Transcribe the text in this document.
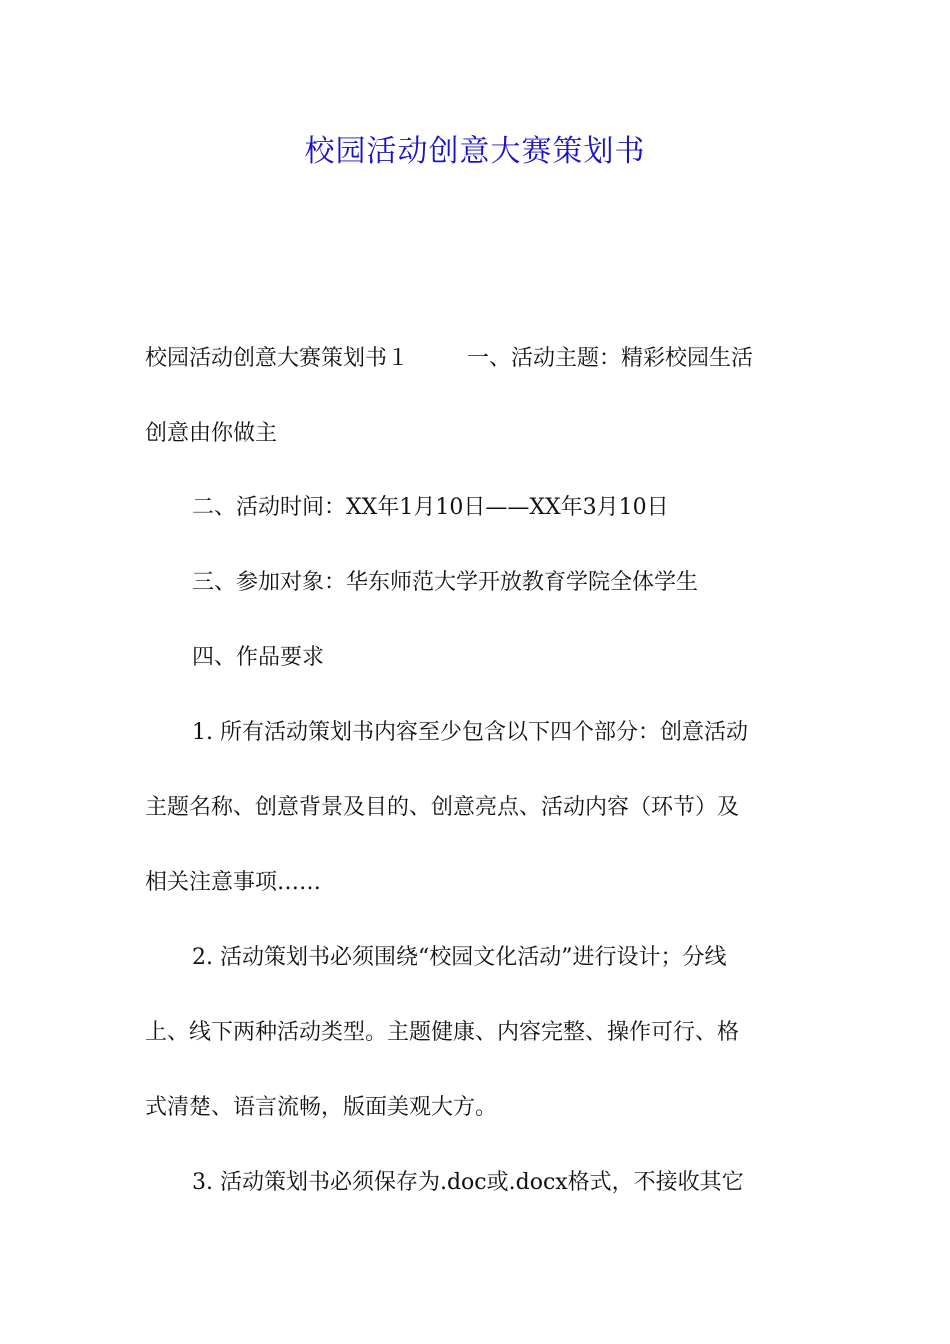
校园活动创意大赛策划书

校园活动创意大赛策划书１	一、活动主题：精彩校园生活

创意由你做主

二、活动时间：XX年1月10日——XX年3月10日

三、参加对象：华东师范大学开放教育学院全体学生

四、作品要求

1. 所有活动策划书内容至少包含以下四个部分：创意活动

主题名称、创意背景及目的、创意亮点、活动内容（环节）及

相关注意事项……

2. 活动策划书必须围绕“校园文化活动”进行设计；分线

上、线下两种活动类型。主题健康、内容完整、操作可行、格

式清楚、语言流畅，版面美观大方。

3. 活动策划书必须保存为.doc或.docx格式，不接收其它
